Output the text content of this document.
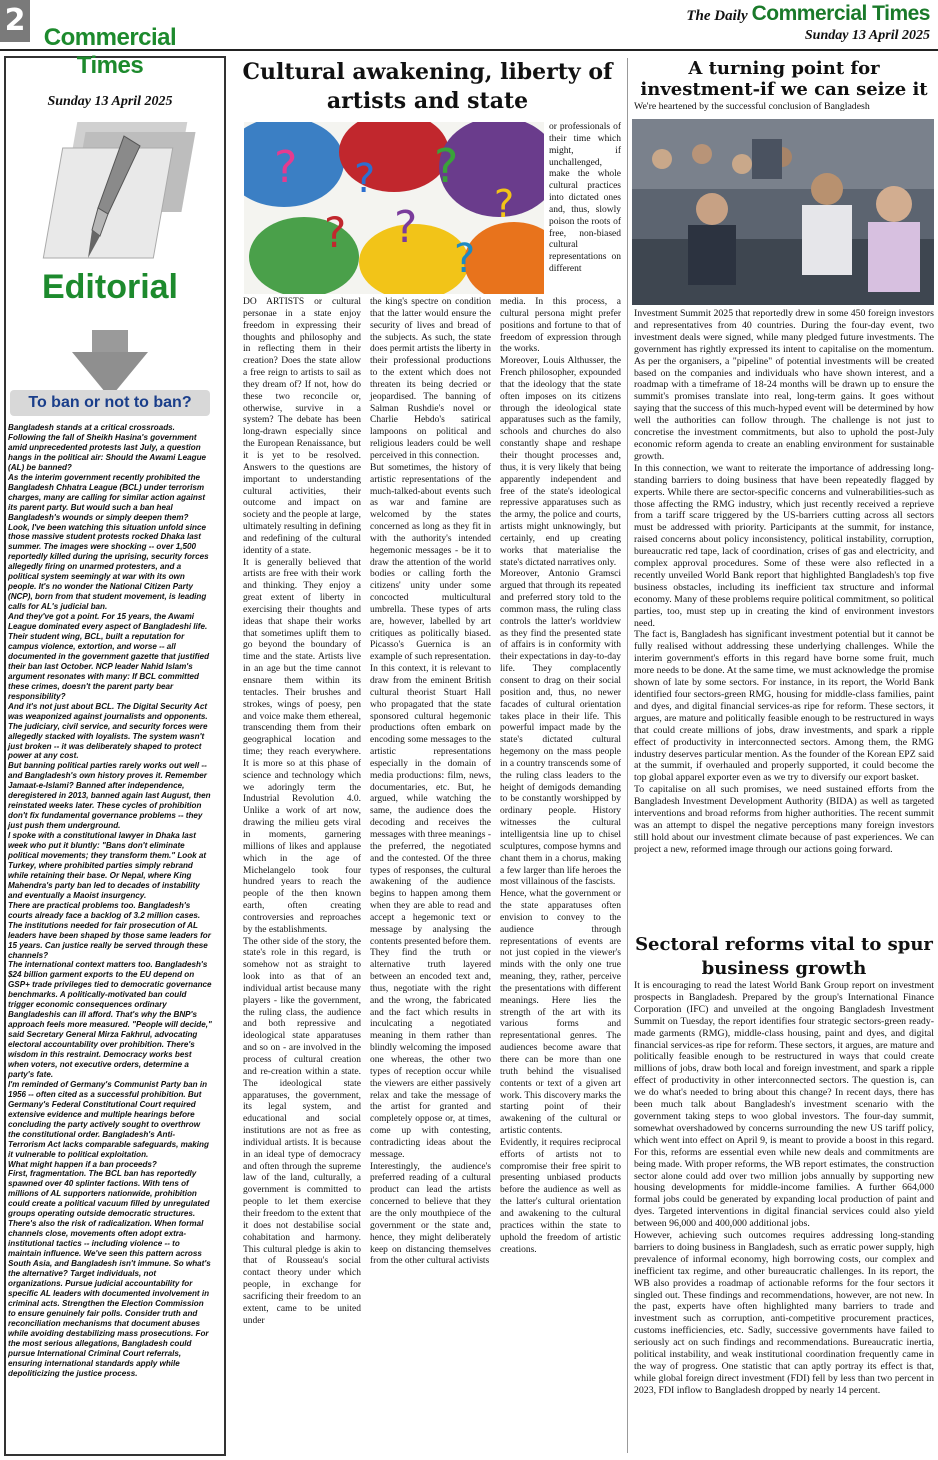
2	The Daily Commercial Times
Sunday 13 April 2025
Commercial Times
Sunday 13 April 2025
Editorial
To ban or not to ban?

Bangladesh stands at a critical crossroads. Following the fall of Sheikh Hasina's government amid unprecedented protests last July, a question hangs in the political air: Should the Awami League (AL) be banned?

As the interim government recently prohibited the Bangladesh Chhatra League (BCL) under terrorism charges, many are calling for similar action against its parent party. But would such a ban heal Bangladesh's wounds or simply deepen them?

Look, I've been watching this situation unfold since those massive student protests rocked Dhaka last summer. The images were shocking -- over 1,500 reportedly killed during the uprising, security forces allegedly firing on unarmed protesters, and a political system seemingly at war with its own people. It's no wonder the National Citizen Party (NCP), born from that student movement, is leading calls for AL's judicial ban.

And they've got a point. For 15 years, the Awami League dominated every aspect of Bangladeshi life. Their student wing, BCL, built a reputation for campus violence, extortion, and worse -- all documented in the government gazette that justified their ban last October. NCP leader Nahid Islam's argument resonates with many: If BCL committed these crimes, doesn't the parent party bear responsibility?

And it's not just about BCL. The Digital Security Act was weaponized against journalists and opponents. The judiciary, civil service, and security forces were allegedly stacked with loyalists. The system wasn't just broken -- it was deliberately shaped to protect power at any cost.

But banning political parties rarely works out well -- and Bangladesh's own history proves it. Remember Jamaat-e-Islami? Banned after independence, deregistered in 2013, banned again last August, then reinstated weeks later. These cycles of prohibition don't fix fundamental governance problems -- they just push them underground.

I spoke with a constitutional lawyer in Dhaka last week who put it bluntly: "Bans don't eliminate political movements; they transform them." Look at Turkey, where prohibited parties simply rebrand while retaining their base. Or Nepal, where King Mahendra's party ban led to decades of instability and eventually a Maoist insurgency.

There are practical problems too. Bangladesh's courts already face a backlog of 3.2 million cases. The institutions needed for fair prosecution of AL leaders have been shaped by those same leaders for 15 years. Can justice really be served through these channels?

The international context matters too. Bangladesh's $24 billion garment exports to the EU depend on GSP+ trade privileges tied to democratic governance benchmarks. A politically-motivated ban could trigger economic consequences ordinary Bangladeshis can ill afford. That's why the BNP's approach feels more measured. "People will decide," said Secretary General Mirza Fakhrul, advocating electoral accountability over prohibition. There's wisdom in this restraint. Democracy works best when voters, not executive orders, determine a party's fate.

I'm reminded of Germany's Communist Party ban in 1956 -- often cited as a successful prohibition. But Germany's Federal Constitutional Court required extensive evidence and multiple hearings before concluding the party actively sought to overthrow the constitutional order. Bangladesh's Anti-Terrorism Act lacks comparable safeguards, making it vulnerable to political exploitation.

What might happen if a ban proceeds?

First, fragmentation. The BCL ban has reportedly spawned over 40 splinter factions. With tens of millions of AL supporters nationwide, prohibition could create a political vacuum filled by unregulated groups operating outside democratic structures. There's also the risk of radicalization. When formal channels close, movements often adopt extra-institutional tactics -- including violence -- to maintain influence. We've seen this pattern across South Asia, and Bangladesh isn't immune. So what's the alternative? Target individuals, not organizations. Pursue judicial accountability for specific AL leaders with documented involvement in criminal acts. Strengthen the Election Commission to ensure genuinely fair polls. Consider truth and reconciliation mechanisms that document abuses while avoiding destabilizing mass prosecutions. For the most serious allegations, Bangladesh could pursue International Criminal Court referrals, ensuring international standards apply while depoliticizing the justice process.

Cultural awakening, liberty of artists and state
? ? ?
?
? ?
?
or professionals of their time which might, if unchallenged, make the whole cultural practices into dictated ones and, thus, slowly poison the roots of free, non-biased cultural representations on different

DO ARTISTS or cultural personae in a state enjoy freedom in expressing their thoughts and philosophy and in reflecting them in their creation? Does the state allow a free reign to artists to sail as they dream of? If not, how do these two reconcile or, otherwise, survive in a system? The debate has been long-drawn especially since the European Renaissance, but it is yet to be resolved. Answers to the questions are important to understanding cultural activities, their outcome and impact on society and the people at large, ultimately resulting in defining and redefining of the cultural identity of a state.

It is generally believed that artists are free with their work and thinking. They enjoy a great extent of liberty in exercising their thoughts and ideas that shape their works that sometimes uplift them to go beyond the boundary of time and the state. Artists live in an age but the time cannot ensnare them within its tentacles. Their brushes and strokes, wings of poesy, pen and voice make them ethereal, transcending them from their geographical location and time; they reach everywhere. It is more so at this phase of science and technology which we adoringly term the Industrial Revolution 4.0. Unlike a work of art now, drawing the milieu gets viral in moments, garnering millions of likes and applause which in the age of Michelangelo took four hundred years to reach the people of the then known earth, often creating controversies and reproaches by the establishments.

The other side of the story, the state's role in this regard, is somehow not as straight to look into as that of an individual artist because many players - like the government, the ruling class, the audience and both repressive and ideological state apparatuses and so on - are involved in the process of cultural creation and re-creation within a state. The ideological state apparatuses, the government, its legal system, and educational and social institutions are not as free as individual artists. It is because in an ideal type of democracy and often through the supreme law of the land, culturally, a government is committed to people to let them exercise their freedom to the extent that it does not destabilise social cohabitation and harmony. This cultural pledge is akin to that of Rousseau's social contact theory under which people, in exchange for sacrificing their freedom to an extent, came to be united under

the king's spectre on condition that the latter would ensure the security of lives and bread of the subjects. As such, the state does permit artists the liberty in their professional productions to the extent which does not threaten its being decried or jeopardised. The banning of Salman Rushdie's novel or Charlie Hebdo's satirical lampoons on political and religious leaders could be well perceived in this connection.

But sometimes, the history of artistic representations of the much-talked-about events such as war and famine are welcomed by the states concerned as long as they fit in with the authority's intended hegemonic messages - be it to draw the attention of the world bodies or calling forth the citizens' unity under some concocted multicultural umbrella. These types of arts are, however, labelled by art critiques as politically biased. Picasso's Guernica is an example of such representation.

In this context, it is relevant to draw from the eminent British cultural theorist Stuart Hall who propagated that the state sponsored cultural hegemonic productions often embark on encoding some messages to the artistic representations especially in the domain of media productions: film, news, documentaries, etc. But, he argued, while watching the same, the audience does the decoding and receives the messages with three meanings - the preferred, the negotiated and the contested. Of the three types of responses, the cultural awakening of the audience begins to happen among them when they are able to read and accept a hegemonic text or message by analysing the contents presented before them. They find the truth or alternative truth layered between an encoded text and, thus, negotiate with the right and the wrong, the fabricated and the fact which results in inculcating a negotiated meaning in them rather than blindly welcoming the imposed one whereas, the other two types of reception occur while the viewers are either passively relax and take the message of the artist for granted and completely oppose or, at times, come up with contesting, contradicting ideas about the message.

Interestingly, the audience's preferred reading of a cultural product can lead the artists concerned to believe that they are the only mouthpiece of the government or the state and, hence, they might deliberately keep on distancing themselves from the other cultural activists

media. In this process, a cultural persona might prefer positions and fortune to that of freedom of expression through the works.

Moreover, Louis Althusser, the French philosopher, expounded that the ideology that the state often imposes on its citizens through the ideological state apparatuses such as the family, schools and churches do also constantly shape and reshape their thought processes and, thus, it is very likely that being apparently independent and free of the state's ideological repressive apparatuses such as the army, the police and courts, artists might unknowingly, but certainly, end up creating works that materialise the state's dictated narratives only.

Moreover, Antonio Gramsci argued that through its repeated and preferred story told to the common mass, the ruling class controls the latter's worldview as they find the presented state of affairs is in conformity with their expectations in day-to-day life. They complacently consent to drag on their social position and, thus, no newer facades of cultural orientation takes place in their life. This powerful impact made by the state's dictated cultural hegemony on the mass people in a country transcends some of the ruling class leaders to the height of demigods demanding to be constantly worshipped by ordinary people. History witnesses the cultural intelligentsia line up to chisel sculptures, compose hymns and chant them in a chorus, making a few larger than life heroes the most villainous of the fascists.

Hence, what the government or the state apparatuses often envision to convey to the audience through representations of events are not just copied in the viewer's minds with the only one true meaning, they, rather, perceive the presentations with different meanings. Here lies the strength of the art with its various forms and representational genres. The audiences become aware that there can be more than one truth behind the visualised contents or text of a given art work. This discovery marks the starting point of their awakening of the cultural or artistic contents.

Evidently, it requires reciprocal efforts of artists not to compromise their free spirit to presenting unbiased products before the audience as well as the latter's cultural orientation and awakening to the cultural practices within the state to uphold the freedom of artistic creations.

A turning point for investment-if we can seize it
We're heartened by the successful conclusion of Bangladesh

Investment Summit 2025 that reportedly drew in some 450 foreign investors and representatives from 40 countries. During the four-day event, two investment deals were signed, while many pledged future investments. The government has rightly expressed its intent to capitalise on the momentum. As per the organisers, a "pipeline" of potential investments will be created based on the companies and individuals who have shown interest, and a roadmap with a timeframe of 18-24 months will be drawn up to ensure the summit's promises translate into real, long-term gains. It goes without saying that the success of this much-hyped event will be determined by how well the authorities can follow through. The challenge is not just to concretise the investment commitments, but also to uphold the post-July economic reform agenda to create an enabling environment for sustainable growth.

In this connection, we want to reiterate the importance of addressing long-standing barriers to doing business that have been repeatedly flagged by experts. While there are sector-specific concerns and vulnerabilities-such as those affecting the RMG industry, which just recently received a reprieve from a tariff scare triggered by the US-barriers cutting across all sectors must be addressed with priority. Participants at the summit, for instance, raised concerns about policy inconsistency, political instability, corruption, bureaucratic red tape, lack of coordination, crises of gas and electricity, and complex approval procedures. Some of these were also reflected in a recently unveiled World Bank report that highlighted Bangladesh's top five business obstacles, including its inefficient tax structure and informal economy. Many of these problems require political commitment, so political parties, too, must step up in creating the kind of environment investors need.

The fact is, Bangladesh has significant investment potential but it cannot be fully realised without addressing these underlying challenges. While the interim government's efforts in this regard have borne some fruit, much more needs to be done. At the same time, we must acknowledge the promise shown of late by some sectors. For instance, in its report, the World Bank identified four sectors-green RMG, housing for middle-class families, paint and dyes, and digital financial services-as ripe for reform. These sectors, it argues, are mature and politically feasible enough to be restructured in ways that could create millions of jobs, draw investments, and spark a ripple effect of productivity in interconnected sectors. Among them, the RMG industry deserves particular mention. As the founder of the Korean EPZ said at the summit, if overhauled and properly supported, it could become the top global apparel exporter even as we try to diversify our export basket.

To capitalise on all such promises, we need sustained efforts from the Bangladesh Investment Development Authority (BIDA) as well as targeted interventions and broad reforms from higher authorities. The recent summit was an attempt to dispel the negative perceptions many foreign investors still hold about our investment climate because of past experiences. We can project a new, reformed image through our actions going forward.

Sectoral reforms vital to spur business growth

It is encouraging to read the latest World Bank Group report on investment prospects in Bangladesh. Prepared by the group's International Finance Corporation (IFC) and unveiled at the ongoing Bangladesh Investment Summit on Tuesday, the report identifies four strategic sectors-green ready-made garments (RMG), middle-class housing, paint and dyes, and digital financial services-as ripe for reform. These sectors, it argues, are mature and politically feasible enough to be restructured in ways that could create millions of jobs, draw both local and foreign investment, and spark a ripple effect of productivity in other interconnected sectors. The question is, can we do what's needed to bring about this change? In recent days, there has been much talk about Bangladesh's investment scenario with the government taking steps to woo global investors. The four-day summit, somewhat overshadowed by concerns surrounding the new US tariff policy, which went into effect on April 9, is meant to provide a boost in this regard. For this, reforms are essential even while new deals and commitments are being made. With proper reforms, the WB report estimates, the construction sector alone could add over two million jobs annually by supporting new housing developments for middle-income families. A further 664,000 formal jobs could be generated by expanding local production of paint and dyes. Targeted interventions in digital financial services could also yield between 96,000 and 400,000 additional jobs.

However, achieving such outcomes requires addressing long-standing barriers to doing business in Bangladesh, such as erratic power supply, high prevalence of informal economy, high borrowing costs, our complex and inefficient tax regime, and other bureaucratic challenges. In its report, the WB also provides a roadmap of actionable reforms for the four sectors it singled out. These findings and recommendations, however, are not new. In the past, experts have often highlighted many barriers to trade and investment such as corruption, anti-competitive procurement practices, customs inefficiencies, etc. Sadly, successive governments have failed to seriously act on such findings and recommendations. Bureaucratic inertia, political instability, and weak institutional coordination frequently came in the way of progress. One statistic that can aptly portray its effect is that, while global foreign direct investment (FDI) fell by less than two percent in 2023, FDI inflow to Bangladesh dropped by nearly 14 percent.
